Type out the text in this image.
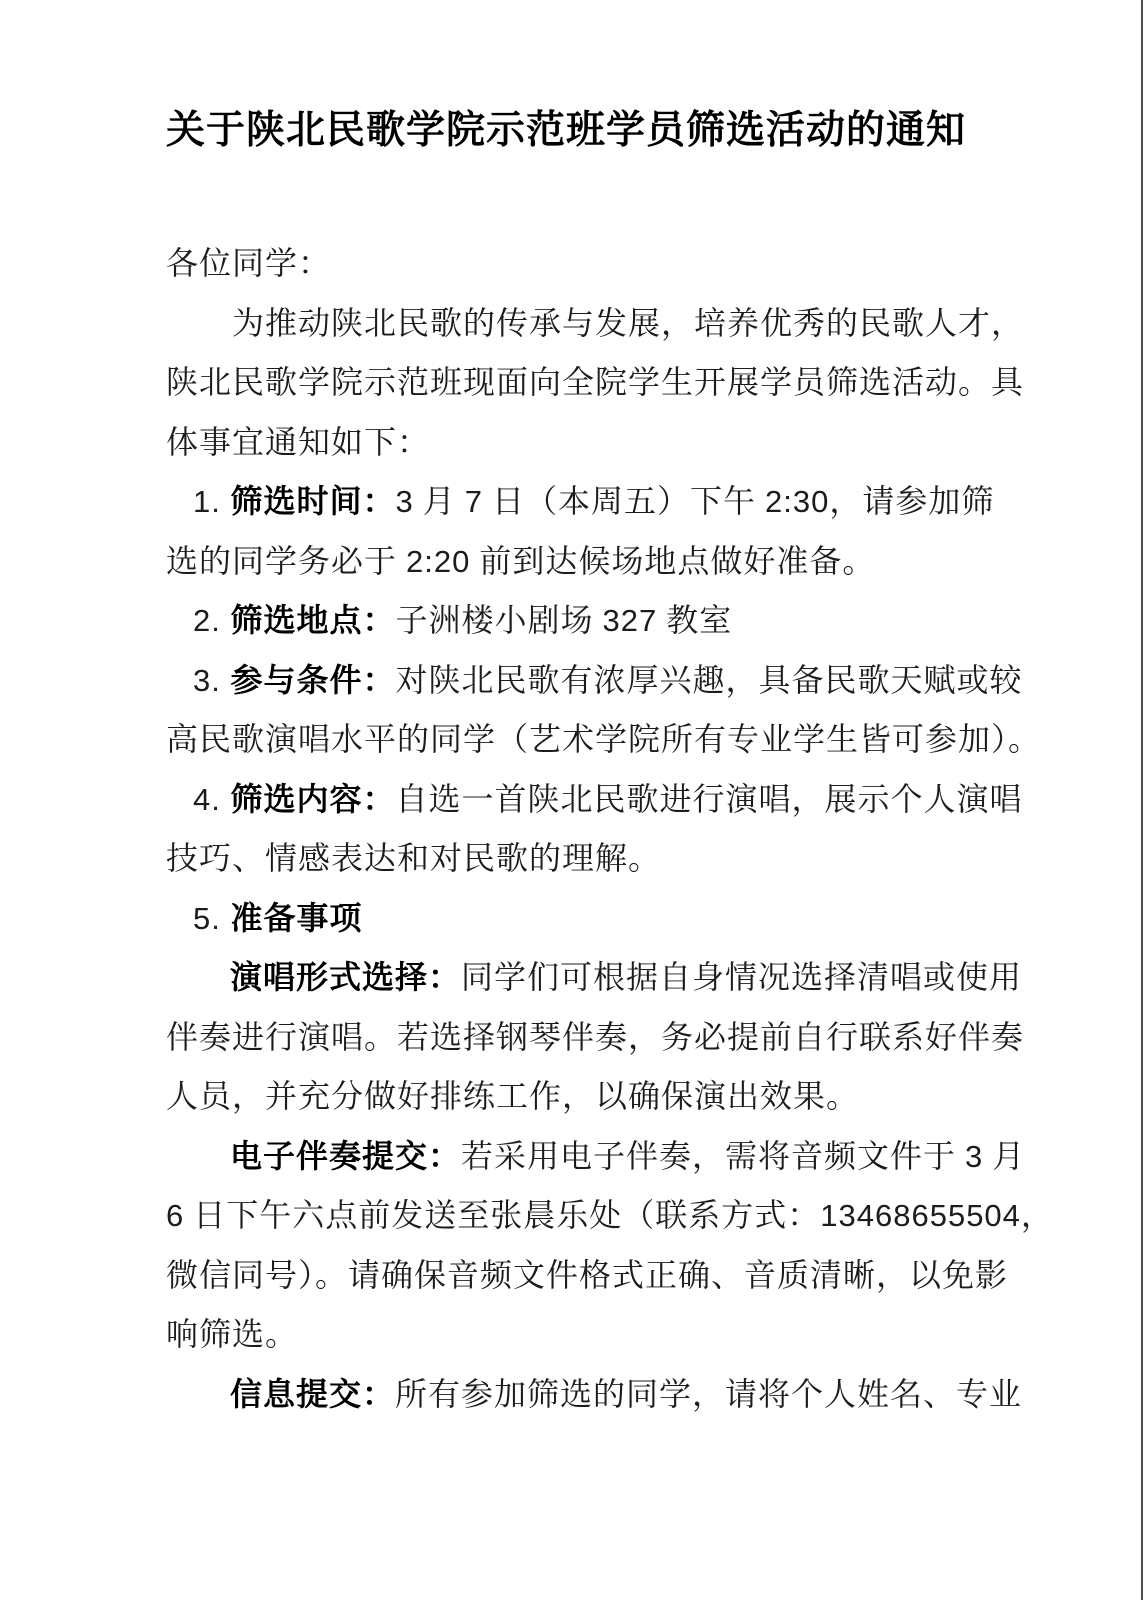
关于陕北民歌学院示范班学员筛选活动的通知
各位同学：
为推动陕北民歌的传承与发展，培养优秀的民歌人才，
陕北民歌学院示范班现面向全院学生开展学员筛选活动。具
体事宜通知如下：
1. 筛选时间：3 月 7 日（本周五）下午 2:30，请参加筛
选的同学务必于 2:20 前到达候场地点做好准备。
2. 筛选地点：子洲楼小剧场 327 教室
3. 参与条件：对陕北民歌有浓厚兴趣，具备民歌天赋或较
高民歌演唱水平的同学（艺术学院所有专业学生皆可参加）。
4. 筛选内容：自选一首陕北民歌进行演唱，展示个人演唱
技巧、情感表达和对民歌的理解。
5. 准备事项
演唱形式选择：同学们可根据自身情况选择清唱或使用
伴奏进行演唱。若选择钢琴伴奏，务必提前自行联系好伴奏
人员，并充分做好排练工作，以确保演出效果。
电子伴奏提交：若采用电子伴奏，需将音频文件于 3 月
6 日下午六点前发送至张晨乐处（联系方式：13468655504，
微信同号）。请确保音频文件格式正确、音质清晰，以免影
响筛选。
信息提交：所有参加筛选的同学，请将个人姓名、专业
